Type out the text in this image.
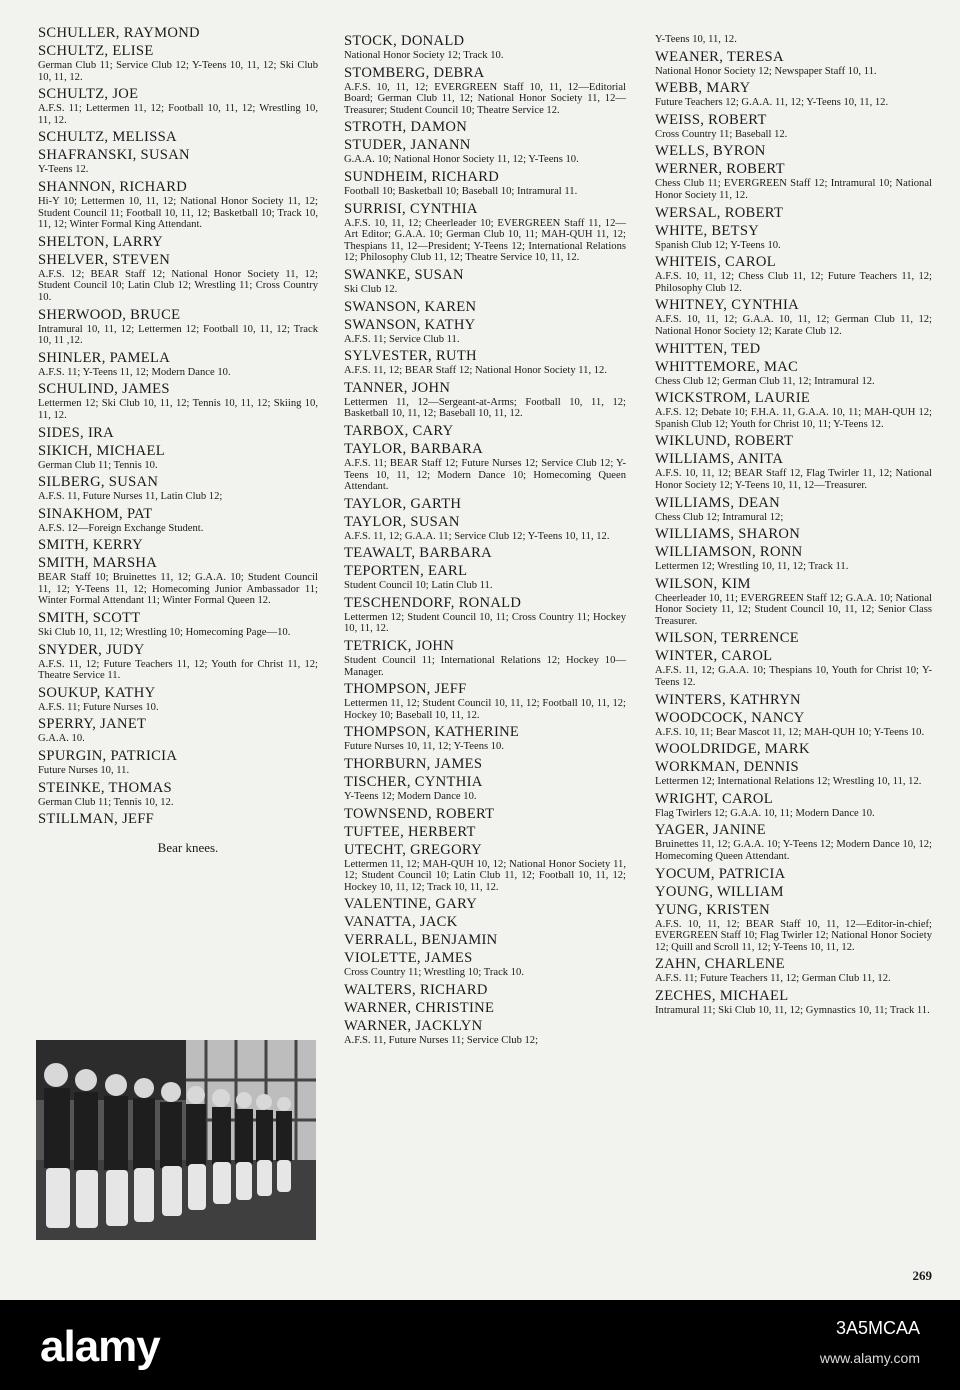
SCHULLER, RAYMOND
SCHULTZ, ELISE
German Club 11; Service Club 12; Y-Teens 10, 11, 12; Ski Club 10, 11, 12.
SCHULTZ, JOE
A.F.S. 11; Lettermen 11, 12; Football 10, 11, 12; Wrestling 10, 11, 12.
SCHULTZ, MELISSA
SHAFRANSKI, SUSAN
Y-Teens 12.
SHANNON, RICHARD
Hi-Y 10; Lettermen 10, 11, 12; National Honor Society 11, 12; Student Council 11; Football 10, 11, 12; Basketball 10; Track 10, 11, 12; Winter Formal King Attendant.
SHELTON, LARRY
SHELVER, STEVEN
A.F.S. 12; BEAR Staff 12; National Honor Society 11, 12; Student Council 10; Latin Club 12; Wrestling 11; Cross Country 10.
SHERWOOD, BRUCE
Intramural 10, 11, 12; Lettermen 12; Football 10, 11, 12; Track 10, 11 ,12.
SHINLER, PAMELA
A.F.S. 11; Y-Teens 11, 12; Modern Dance 10.
SCHULIND, JAMES
Lettermen 12; Ski Club 10, 11, 12; Tennis 10, 11, 12; Skiing 10, 11, 12.
SIDES, IRA
SIKICH, MICHAEL
German Club 11; Tennis 10.
SILBERG, SUSAN
A.F.S. 11, Future Nurses 11, Latin Club 12;
SINAKHOM, PAT
A.F.S. 12—Foreign Exchange Student.
SMITH, KERRY
SMITH, MARSHA
BEAR Staff 10; Bruinettes 11, 12; G.A.A. 10; Student Council 11, 12; Y-Teens 11, 12; Homecoming Junior Ambassador 11; Winter Formal Attendant 11; Winter Formal Queen 12.
SMITH, SCOTT
Ski Club 10, 11, 12; Wrestling 10; Homecoming Page—10.
SNYDER, JUDY
A.F.S. 11, 12; Future Teachers 11, 12; Youth for Christ 11, 12; Theatre Service 11.
SOUKUP, KATHY
A.F.S. 11; Future Nurses 10.
SPERRY, JANET
G.A.A. 10.
SPURGIN, PATRICIA
Future Nurses 10, 11.
STEINKE, THOMAS
German Club 11; Tennis 10, 12.
STILLMAN, JEFF
Bear knees.
STOCK, DONALD
National Honor Society 12; Track 10.
STOMBERG, DEBRA
A.F.S. 10, 11, 12; EVERGREEN Staff 10, 11, 12—Editorial Board; German Club 11, 12; National Honor Society 11, 12—Treasurer; Student Council 10; Theatre Service 12.
STROTH, DAMON
STUDER, JANANN
G.A.A. 10; National Honor Society 11, 12; Y-Teens 10.
SUNDHEIM, RICHARD
Football 10; Basketball 10; Baseball 10; Intramural 11.
SURRISI, CYNTHIA
A.F.S. 10, 11, 12; Cheerleader 10; EVERGREEN Staff 11, 12—Art Editor; G.A.A. 10; German Club 10, 11; MAH-QUH 11, 12; Thespians 11, 12—President; Y-Teens 12; International Relations 12; Philosophy Club 11, 12; Theatre Service 10, 11, 12.
SWANKE, SUSAN
Ski Club 12.
SWANSON, KAREN
SWANSON, KATHY
A.F.S. 11; Service Club 11.
SYLVESTER, RUTH
A.F.S. 11, 12; BEAR Staff 12; National Honor Society 11, 12.
TANNER, JOHN
Lettermen 11, 12—Sergeant-at-Arms; Football 10, 11, 12; Basketball 10, 11, 12; Baseball 10, 11, 12.
TARBOX, CARY
TAYLOR, BARBARA
A.F.S. 11; BEAR Staff 12; Future Nurses 12; Service Club 12; Y-Teens 10, 11, 12; Modern Dance 10; Homecoming Queen Attendant.
TAYLOR, GARTH
TAYLOR, SUSAN
A.F.S. 11, 12; G.A.A. 11; Service Club 12; Y-Teens 10, 11, 12.
TEAWALT, BARBARA
TEPORTEN, EARL
Student Council 10; Latin Club 11.
TESCHENDORF, RONALD
Lettermen 12; Student Council 10, 11; Cross Country 11; Hockey 10, 11, 12.
TETRICK, JOHN
Student Council 11; International Relations 12; Hockey 10—Manager.
THOMPSON, JEFF
Lettermen 11, 12; Student Council 10, 11, 12; Football 10, 11, 12; Hockey 10; Baseball 10, 11, 12.
THOMPSON, KATHERINE
Future Nurses 10, 11, 12; Y-Teens 10.
THORBURN, JAMES
TISCHER, CYNTHIA
Y-Teens 12; Modern Dance 10.
TOWNSEND, ROBERT
TUFTEE, HERBERT
UTECHT, GREGORY
Lettermen 11, 12; MAH-QUH 10, 12; National Honor Society 11, 12; Student Council 10; Latin Club 11, 12; Football 10, 11, 12; Hockey 10, 11, 12; Track 10, 11, 12.
VALENTINE, GARY
VANATTA, JACK
VERRALL, BENJAMIN
VIOLETTE, JAMES
Cross Country 11; Wrestling 10; Track 10.
WALTERS, RICHARD
WARNER, CHRISTINE
WARNER, JACKLYN
A.F.S. 11, Future Nurses 11; Service Club 12;
Y-Teens 10, 11, 12.
WEANER, TERESA
National Honor Society 12; Newspaper Staff 10, 11.
WEBB, MARY
Future Teachers 12; G.A.A. 11, 12; Y-Teens 10, 11, 12.
WEISS, ROBERT
Cross Country 11; Baseball 12.
WELLS, BYRON
WERNER, ROBERT
Chess Club 11; EVERGREEN Staff 12; Intramural 10; National Honor Society 11, 12.
WERSAL, ROBERT
WHITE, BETSY
Spanish Club 12; Y-Teens 10.
WHITEIS, CAROL
A.F.S. 10, 11, 12; Chess Club 11, 12; Future Teachers 11, 12; Philosophy Club 12.
WHITNEY, CYNTHIA
A.F.S. 10, 11, 12; G.A.A. 10, 11, 12; German Club 11, 12; National Honor Society 12; Karate Club 12.
WHITTEN, TED
WHITTEMORE, MAC
Chess Club 12; German Club 11, 12; Intramural 12.
WICKSTROM, LAURIE
A.F.S. 12; Debate 10; F.H.A. 11, G.A.A. 10, 11; MAH-QUH 12; Spanish Club 12; Youth for Christ 10, 11; Y-Teens 12.
WIKLUND, ROBERT
WILLIAMS, ANITA
A.F.S. 10, 11, 12; BEAR Staff 12, Flag Twirler 11, 12; National Honor Society 12; Y-Teens 10, 11, 12—Treasurer.
WILLIAMS, DEAN
Chess Club 12; Intramural 12;
WILLIAMS, SHARON
WILLIAMSON, RONN
Lettermen 12; Wrestling 10, 11, 12; Track 11.
WILSON, KIM
Cheerleader 10, 11; EVERGREEN Staff 12; G.A.A. 10; National Honor Society 11, 12; Student Council 10, 11, 12; Senior Class Treasurer.
WILSON, TERRENCE
WINTER, CAROL
A.F.S. 11, 12; G.A.A. 10; Thespians 10, Youth for Christ 10; Y-Teens 12.
WINTERS, KATHRYN
WOODCOCK, NANCY
A.F.S. 10, 11; Bear Mascot 11, 12; MAH-QUH 10; Y-Teens 10.
WOOLDRIDGE, MARK
WORKMAN, DENNIS
Lettermen 12; International Relations 12; Wrestling 10, 11, 12.
WRIGHT, CAROL
Flag Twirlers 12; G.A.A. 10, 11; Modern Dance 10.
YAGER, JANINE
Bruinettes 11, 12; G.A.A. 10; Y-Teens 12; Modern Dance 10, 12; Homecoming Queen Attendant.
YOCUM, PATRICIA
YOUNG, WILLIAM
YUNG, KRISTEN
A.F.S. 10, 11, 12; BEAR Staff 10, 11, 12—Editor-in-chief; EVERGREEN Staff 10; Flag Twirler 12; National Honor Society 12; Quill and Scroll 11, 12; Y-Teens 10, 11, 12.
ZAHN, CHARLENE
A.F.S. 11; Future Teachers 11, 12; German Club 11, 12.
ZECHES, MICHAEL
Intramural 11; Ski Club 10, 11, 12; Gymnastics 10, 11; Track 11.
269
alamy	3A5MCAA
www.alamy.com
